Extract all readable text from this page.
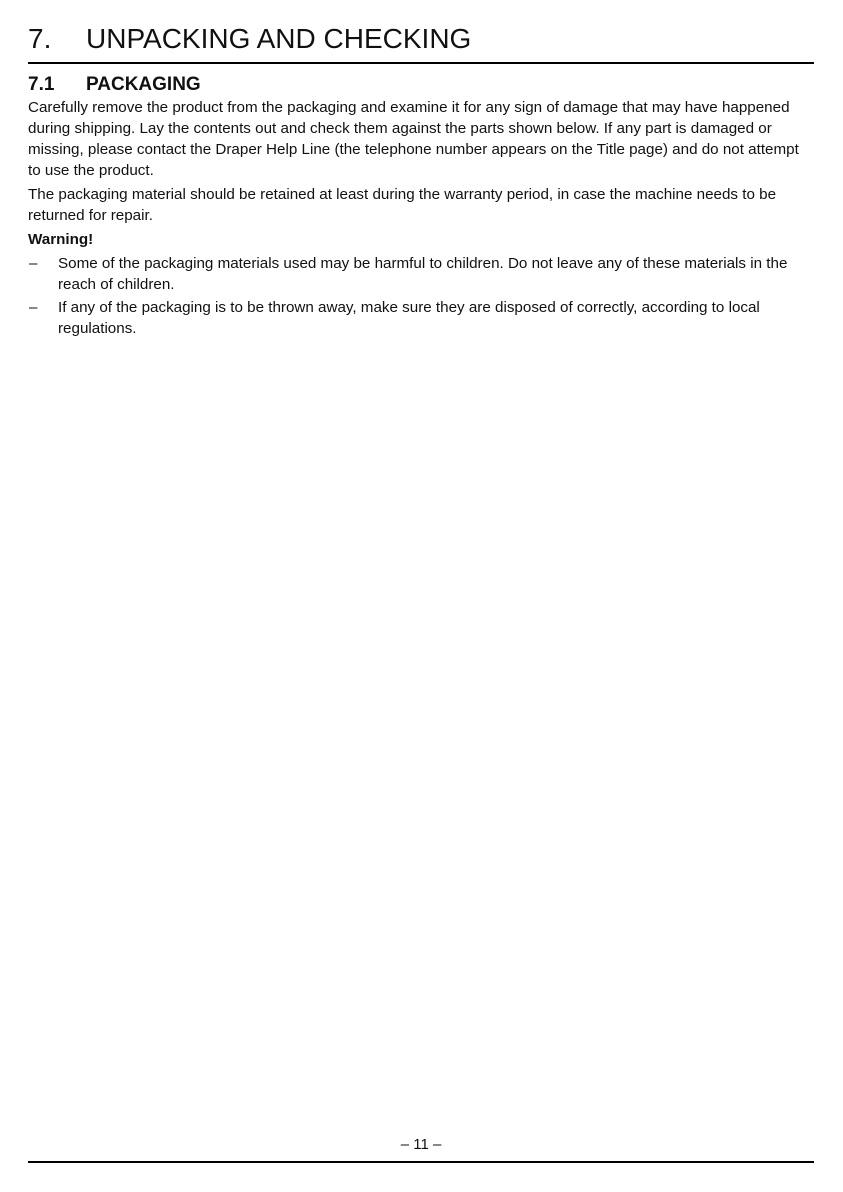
7. UNPACKING AND CHECKING
7.1 PACKAGING

Carefully remove the product from the packaging and examine it for any sign of damage that may have happened during shipping. Lay the contents out and check them against the parts shown below. If any part is damaged or missing, please contact the Draper Help Line (the telephone number appears on the Title page) and do not attempt to use the product.

The packaging material should be retained at least during the warranty period, in case the machine needs to be returned for repair.

Warning!

– Some of the packaging materials used may be harmful to children. Do not leave any of these materials in the reach of children.
– If any of the packaging is to be thrown away, make sure they are disposed of correctly, according to local regulations.
– 11 –
